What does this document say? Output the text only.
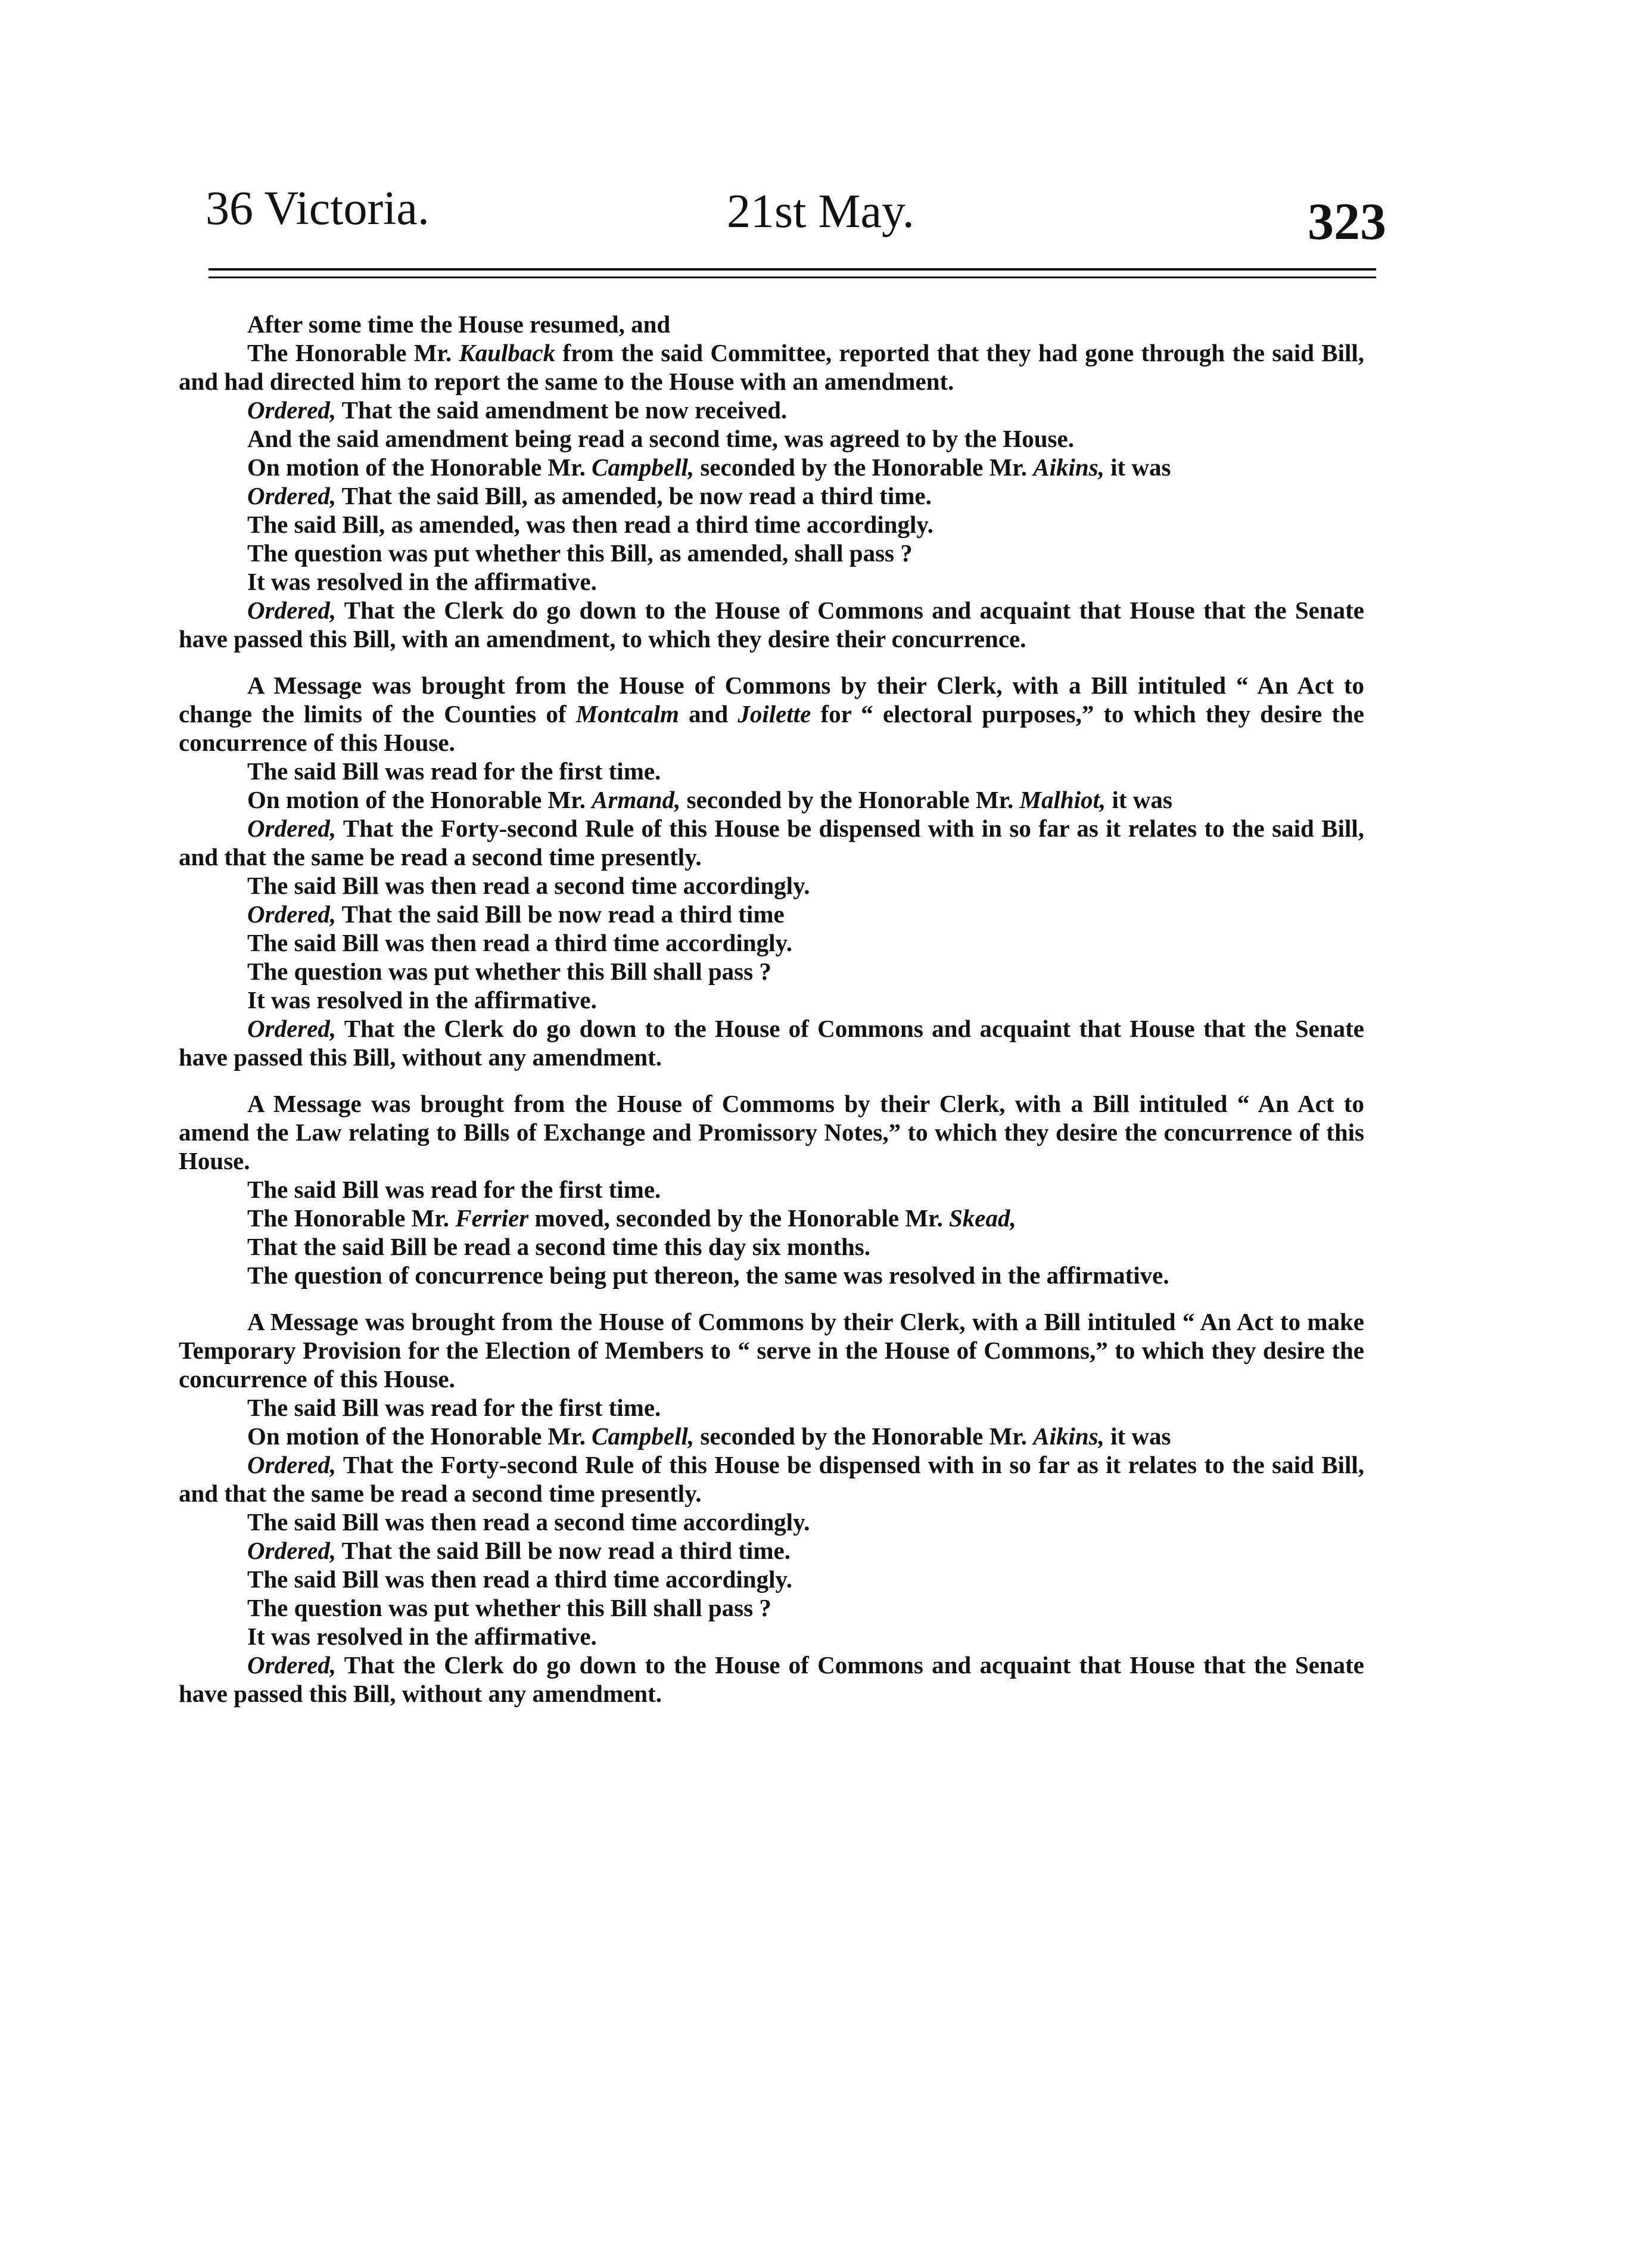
36 Victoria.	21st May.	323

After some time the House resumed, and

The Honorable Mr. Kaulback from the said Committee, reported that they had gone through the said Bill, and had directed him to report the same to the House with an amendment.

Ordered, That the said amendment be now received.

And the said amendment being read a second time, was agreed to by the House.

On motion of the Honorable Mr. Campbell, seconded by the Honorable Mr. Aikins, it was

Ordered, That the said Bill, as amended, be now read a third time.

The said Bill, as amended, was then read a third time accordingly.

The question was put whether this Bill, as amended, shall pass ?

It was resolved in the affirmative.

Ordered, That the Clerk do go down to the House of Commons and acquaint that House that the Senate have passed this Bill, with an amendment, to which they desire their concurrence.

A Message was brought from the House of Commons by their Clerk, with a Bill intituled “ An Act to change the limits of the Counties of Montcalm and Joilette for “ electoral purposes,” to which they desire the concurrence of this House.

The said Bill was read for the first time.

On motion of the Honorable Mr. Armand, seconded by the Honorable Mr. Malhiot, it was

Ordered, That the Forty-second Rule of this House be dispensed with in so far as it relates to the said Bill, and that the same be read a second time presently.

The said Bill was then read a second time accordingly.

Ordered, That the said Bill be now read a third time

The said Bill was then read a third time accordingly.

The question was put whether this Bill shall pass ?

It was resolved in the affirmative.

Ordered, That the Clerk do go down to the House of Commons and acquaint that House that the Senate have passed this Bill, without any amendment.

A Message was brought from the House of Commoms by their Clerk, with a Bill intituled “ An Act to amend the Law relating to Bills of Exchange and Promissory Notes,” to which they desire the concurrence of this House.

The said Bill was read for the first time.

The Honorable Mr. Ferrier moved, seconded by the Honorable Mr. Skead,

That the said Bill be read a second time this day six months.

The question of concurrence being put thereon, the same was resolved in the affirmative.

A Message was brought from the House of Commons by their Clerk, with a Bill intituled “ An Act to make Temporary Provision for the Election of Members to “ serve in the House of Commons,” to which they desire the concurrence of this House.

The said Bill was read for the first time.

On motion of the Honorable Mr. Campbell, seconded by the Honorable Mr. Aikins, it was

Ordered, That the Forty-second Rule of this House be dispensed with in so far as it relates to the said Bill, and that the same be read a second time presently.

The said Bill was then read a second time accordingly.

Ordered, That the said Bill be now read a third time.

The said Bill was then read a third time accordingly.

The question was put whether this Bill shall pass ?

It was resolved in the affirmative.

Ordered, That the Clerk do go down to the House of Commons and acquaint that House that the Senate have passed this Bill, without any amendment.
